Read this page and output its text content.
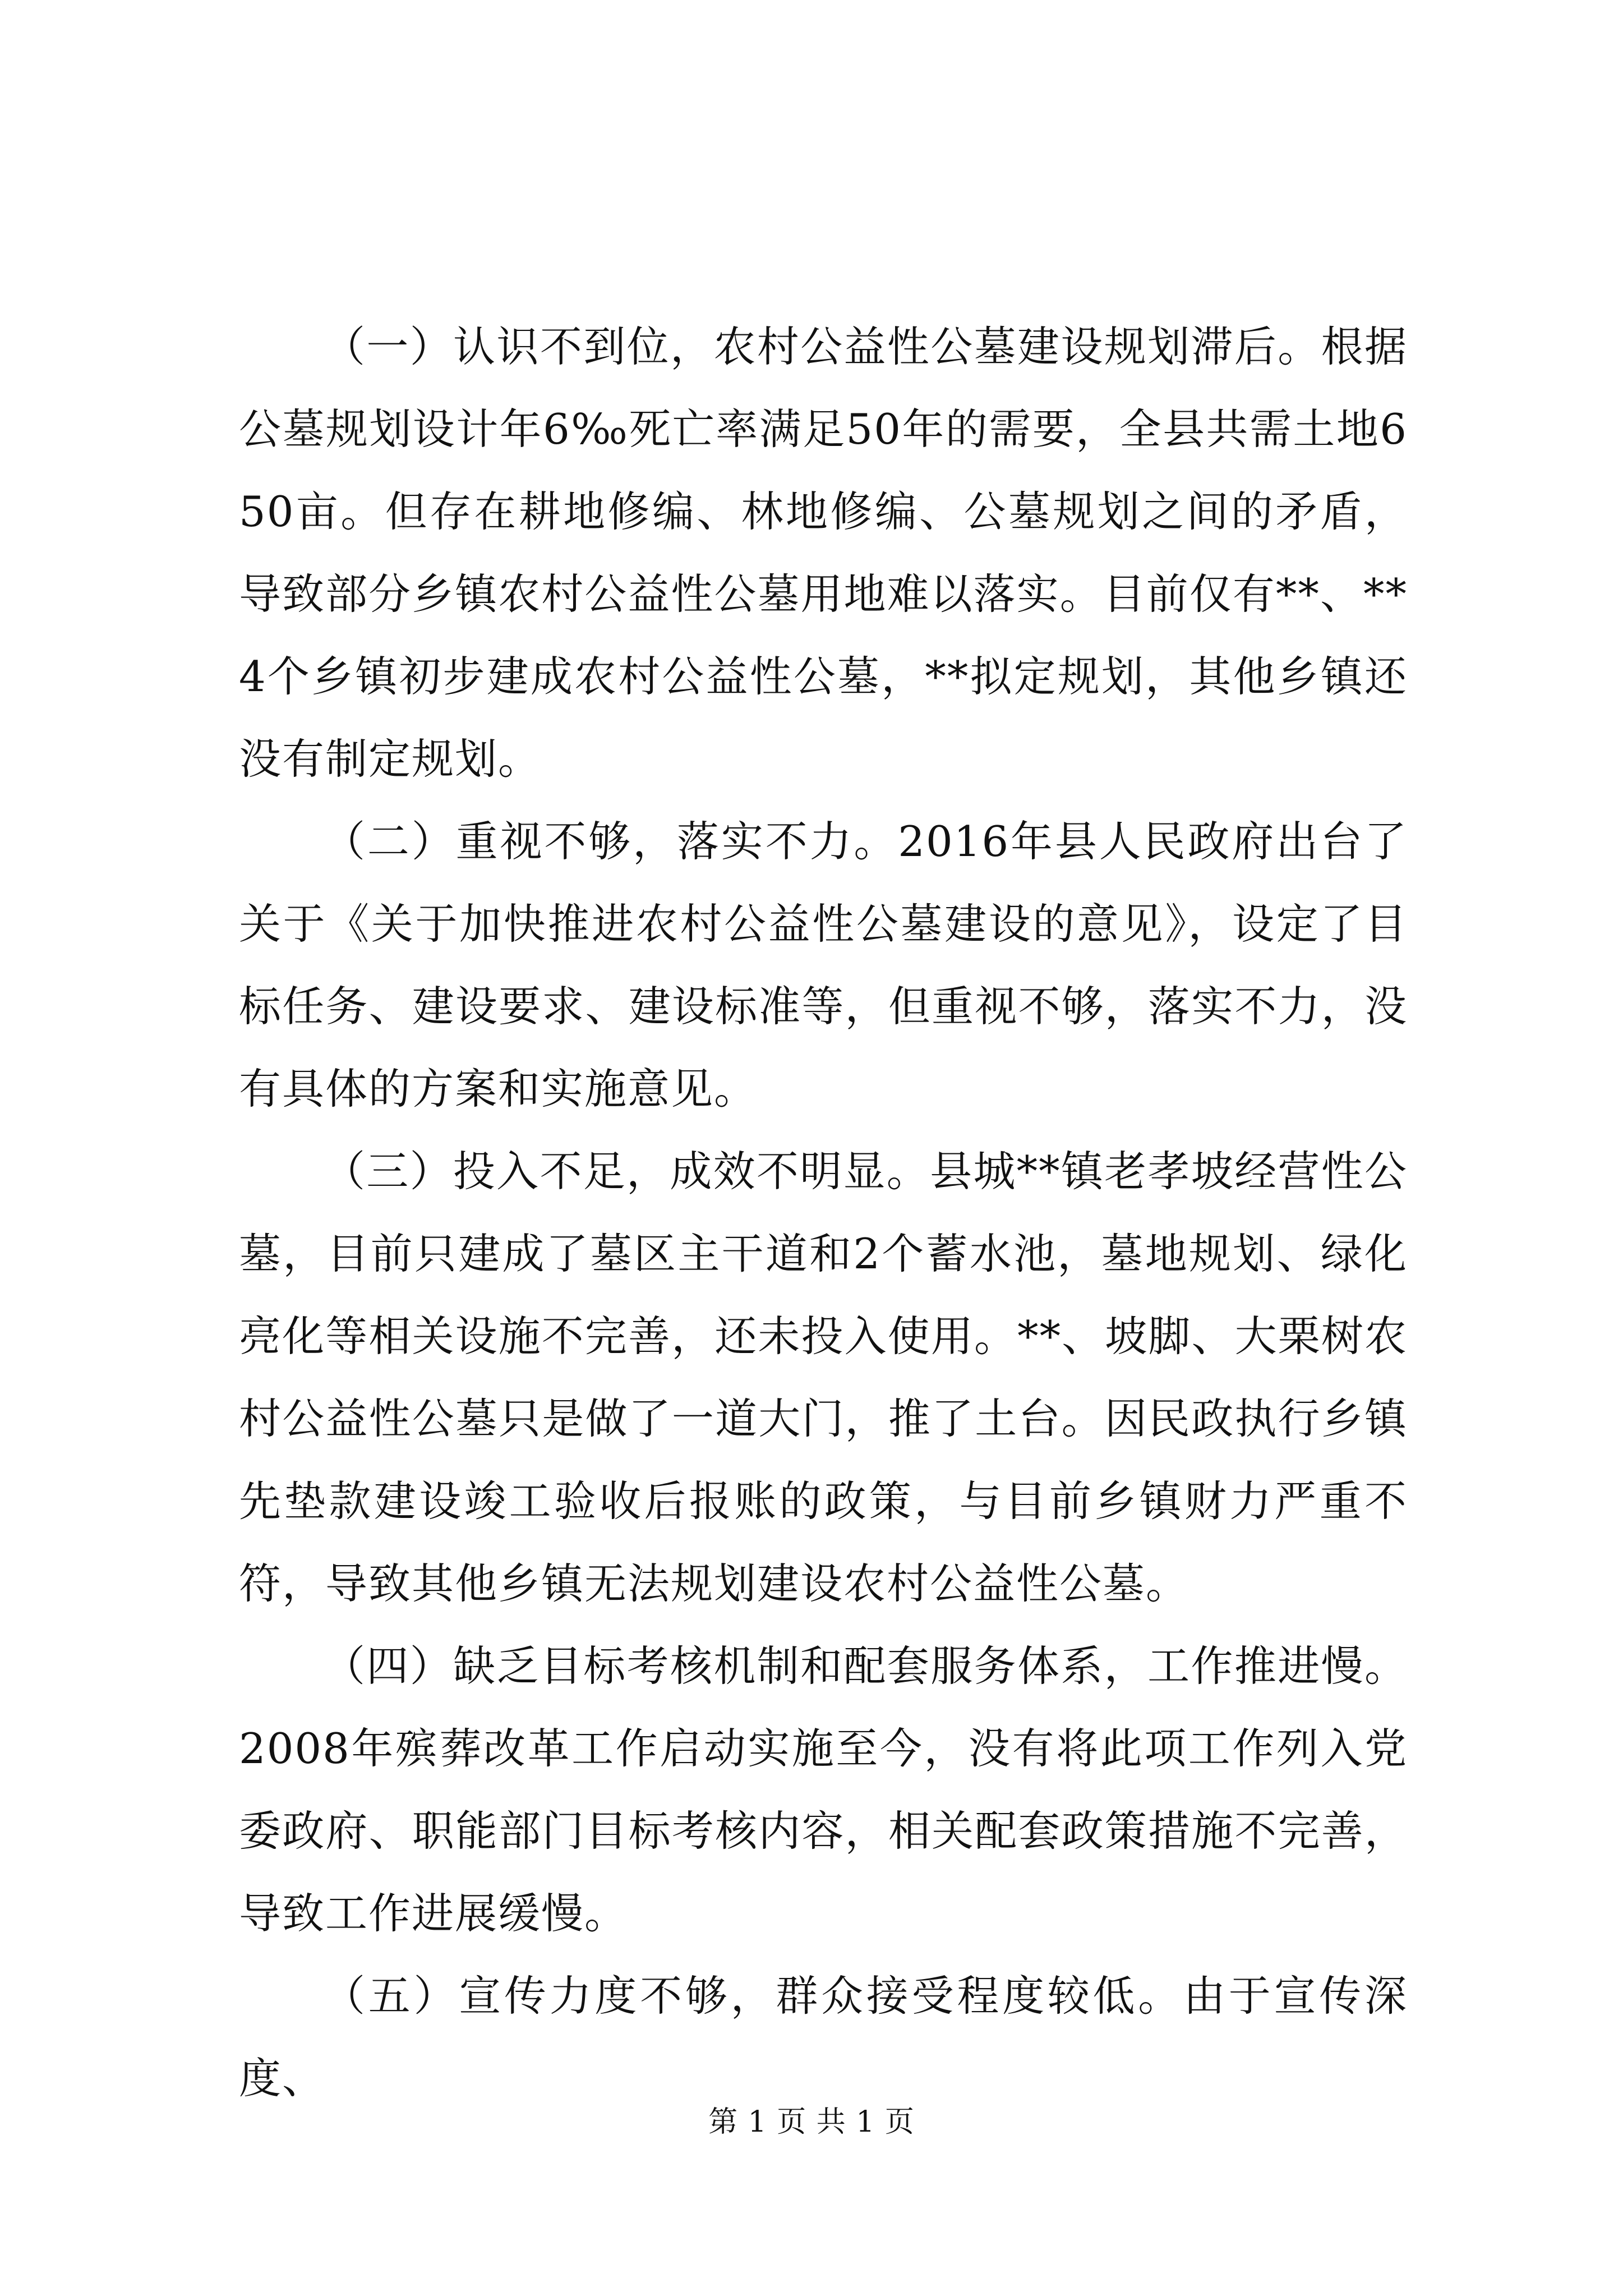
（一）认识不到位，农村公益性公墓建设规划滞后。根据公墓规划设计年6‰死亡率满足50年的需要，全县共需土地650亩。但存在耕地修编、林地修编、公墓规划之间的矛盾，导致部分乡镇农村公益性公墓用地难以落实。目前仅有**、**4个乡镇初步建成农村公益性公墓，**拟定规划，其他乡镇还没有制定规划。

（二）重视不够，落实不力。2016年县人民政府出台了关于《关于加快推进农村公益性公墓建设的意见》，设定了目标任务、建设要求、建设标准等，但重视不够，落实不力，没有具体的方案和实施意见。

（三）投入不足，成效不明显。县城**镇老孝坡经营性公墓，目前只建成了墓区主干道和2个蓄水池，墓地规划、绿化亮化等相关设施不完善，还未投入使用。**、坡脚、大栗树农村公益性公墓只是做了一道大门，推了土台。因民政执行乡镇先垫款建设竣工验收后报账的政策，与目前乡镇财力严重不符，导致其他乡镇无法规划建设农村公益性公墓。

（四）缺乏目标考核机制和配套服务体系，工作推进慢。2008年殡葬改革工作启动实施至今，没有将此项工作列入党委政府、职能部门目标考核内容，相关配套政策措施不完善，导致工作进展缓慢。

（五）宣传力度不够，群众接受程度较低。由于宣传深度、

第 1 页 共 1 页
